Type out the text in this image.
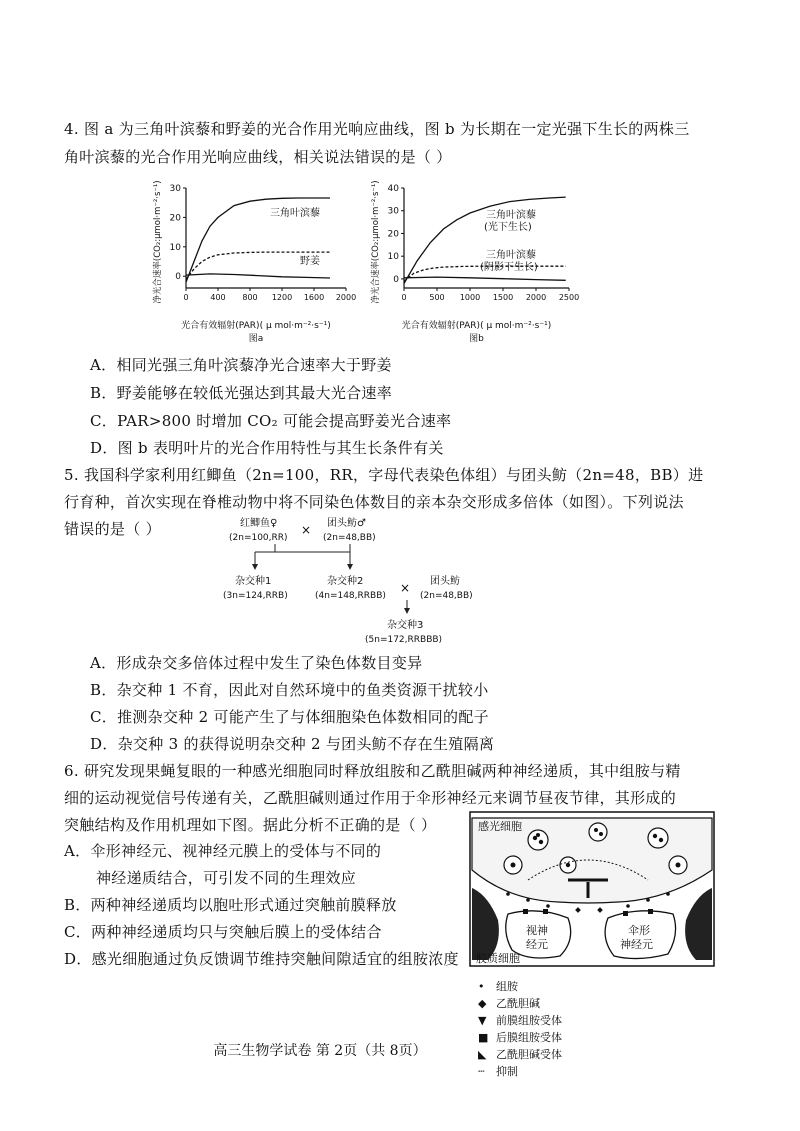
4. 图 a 为三角叶滨藜和野姜的光合作用光响应曲线，图 b 为长期在一定光强下生长的两株三
角叶滨藜的光合作用光响应曲线，相关说法错误的是（ ）
0
10
20
30
0	400 800 1200 1600 2000
三角叶滨藜
野姜
净光合速率(CO₂:μmol·m⁻²·s⁻¹)
光合有效辐射(PAR)( μ mol·m⁻²·s⁻¹)
图a
0
10
20
30
40
0	500 1000 1500 2000 2500
三角叶滨藜
(光下生长)
三角叶滨藜
(阴影下生长)
净光合速率(CO₂:μmol·m⁻²·s⁻¹)
光合有效辐射(PAR)( μ mol·m⁻²·s⁻¹)
图b
A．相同光强三角叶滨藜净光合速率大于野姜
B．野姜能够在较低光强达到其最大光合速率
C．PAR>800 时增加 CO₂ 可能会提高野姜光合速率
D．图 b 表明叶片的光合作用特性与其生长条件有关
5. 我国科学家利用红鲫鱼（2n=100，RR，字母代表染色体组）与团头鲂（2n=48，BB）进
行育种，首次实现在脊椎动物中将不同染色体数目的亲本杂交形成多倍体（如图）。下列说法
错误的是（ ）	红鲫鱼♀
(2n=100,RR)
× 团头鲂♂
(2n=48,BB)
杂交种1
(3n=124,RRB)
杂交种2
(4n=148,RRBB)
× 团头鲂
(2n=48,BB)
杂交种3
(5n=172,RRBBB)
A．形成杂交多倍体过程中发生了染色体数目变异
B．杂交种 1 不育，因此对自然环境中的鱼类资源干扰较小
C．推测杂交种 2 可能产生了与体细胞染色体数相同的配子
D．杂交种 3 的获得说明杂交种 2 与团头鲂不存在生殖隔离
6. 研究发现果蝇复眼的一种感光细胞同时释放组胺和乙酰胆碱两种神经递质，其中组胺与精
细的运动视觉信号传递有关，乙酰胆碱则通过作用于伞形神经元来调节昼夜节律，其形成的
突触结构及作用机理如下图。据此分析不正确的是（ ）
A．伞形神经元、视神经元膜上的受体与不同的
神经递质结合，可引发不同的生理效应
B．两种神经递质均以胞吐形式通过突触前膜释放
C．两种神经递质均只与突触后膜上的受体结合
D．感光细胞通过负反馈调节维持突触间隙适宜的组胺浓度
感光细胞
胶质细胞
视神
经元
伞形
神经元
• 组胺
◆ 乙酰胆碱
▼ 前膜组胺受体
■ 后膜组胺受体
◣ 乙酰胆碱受体
┄ 抑制
高三生物学试卷 第 2页（共 8页）
